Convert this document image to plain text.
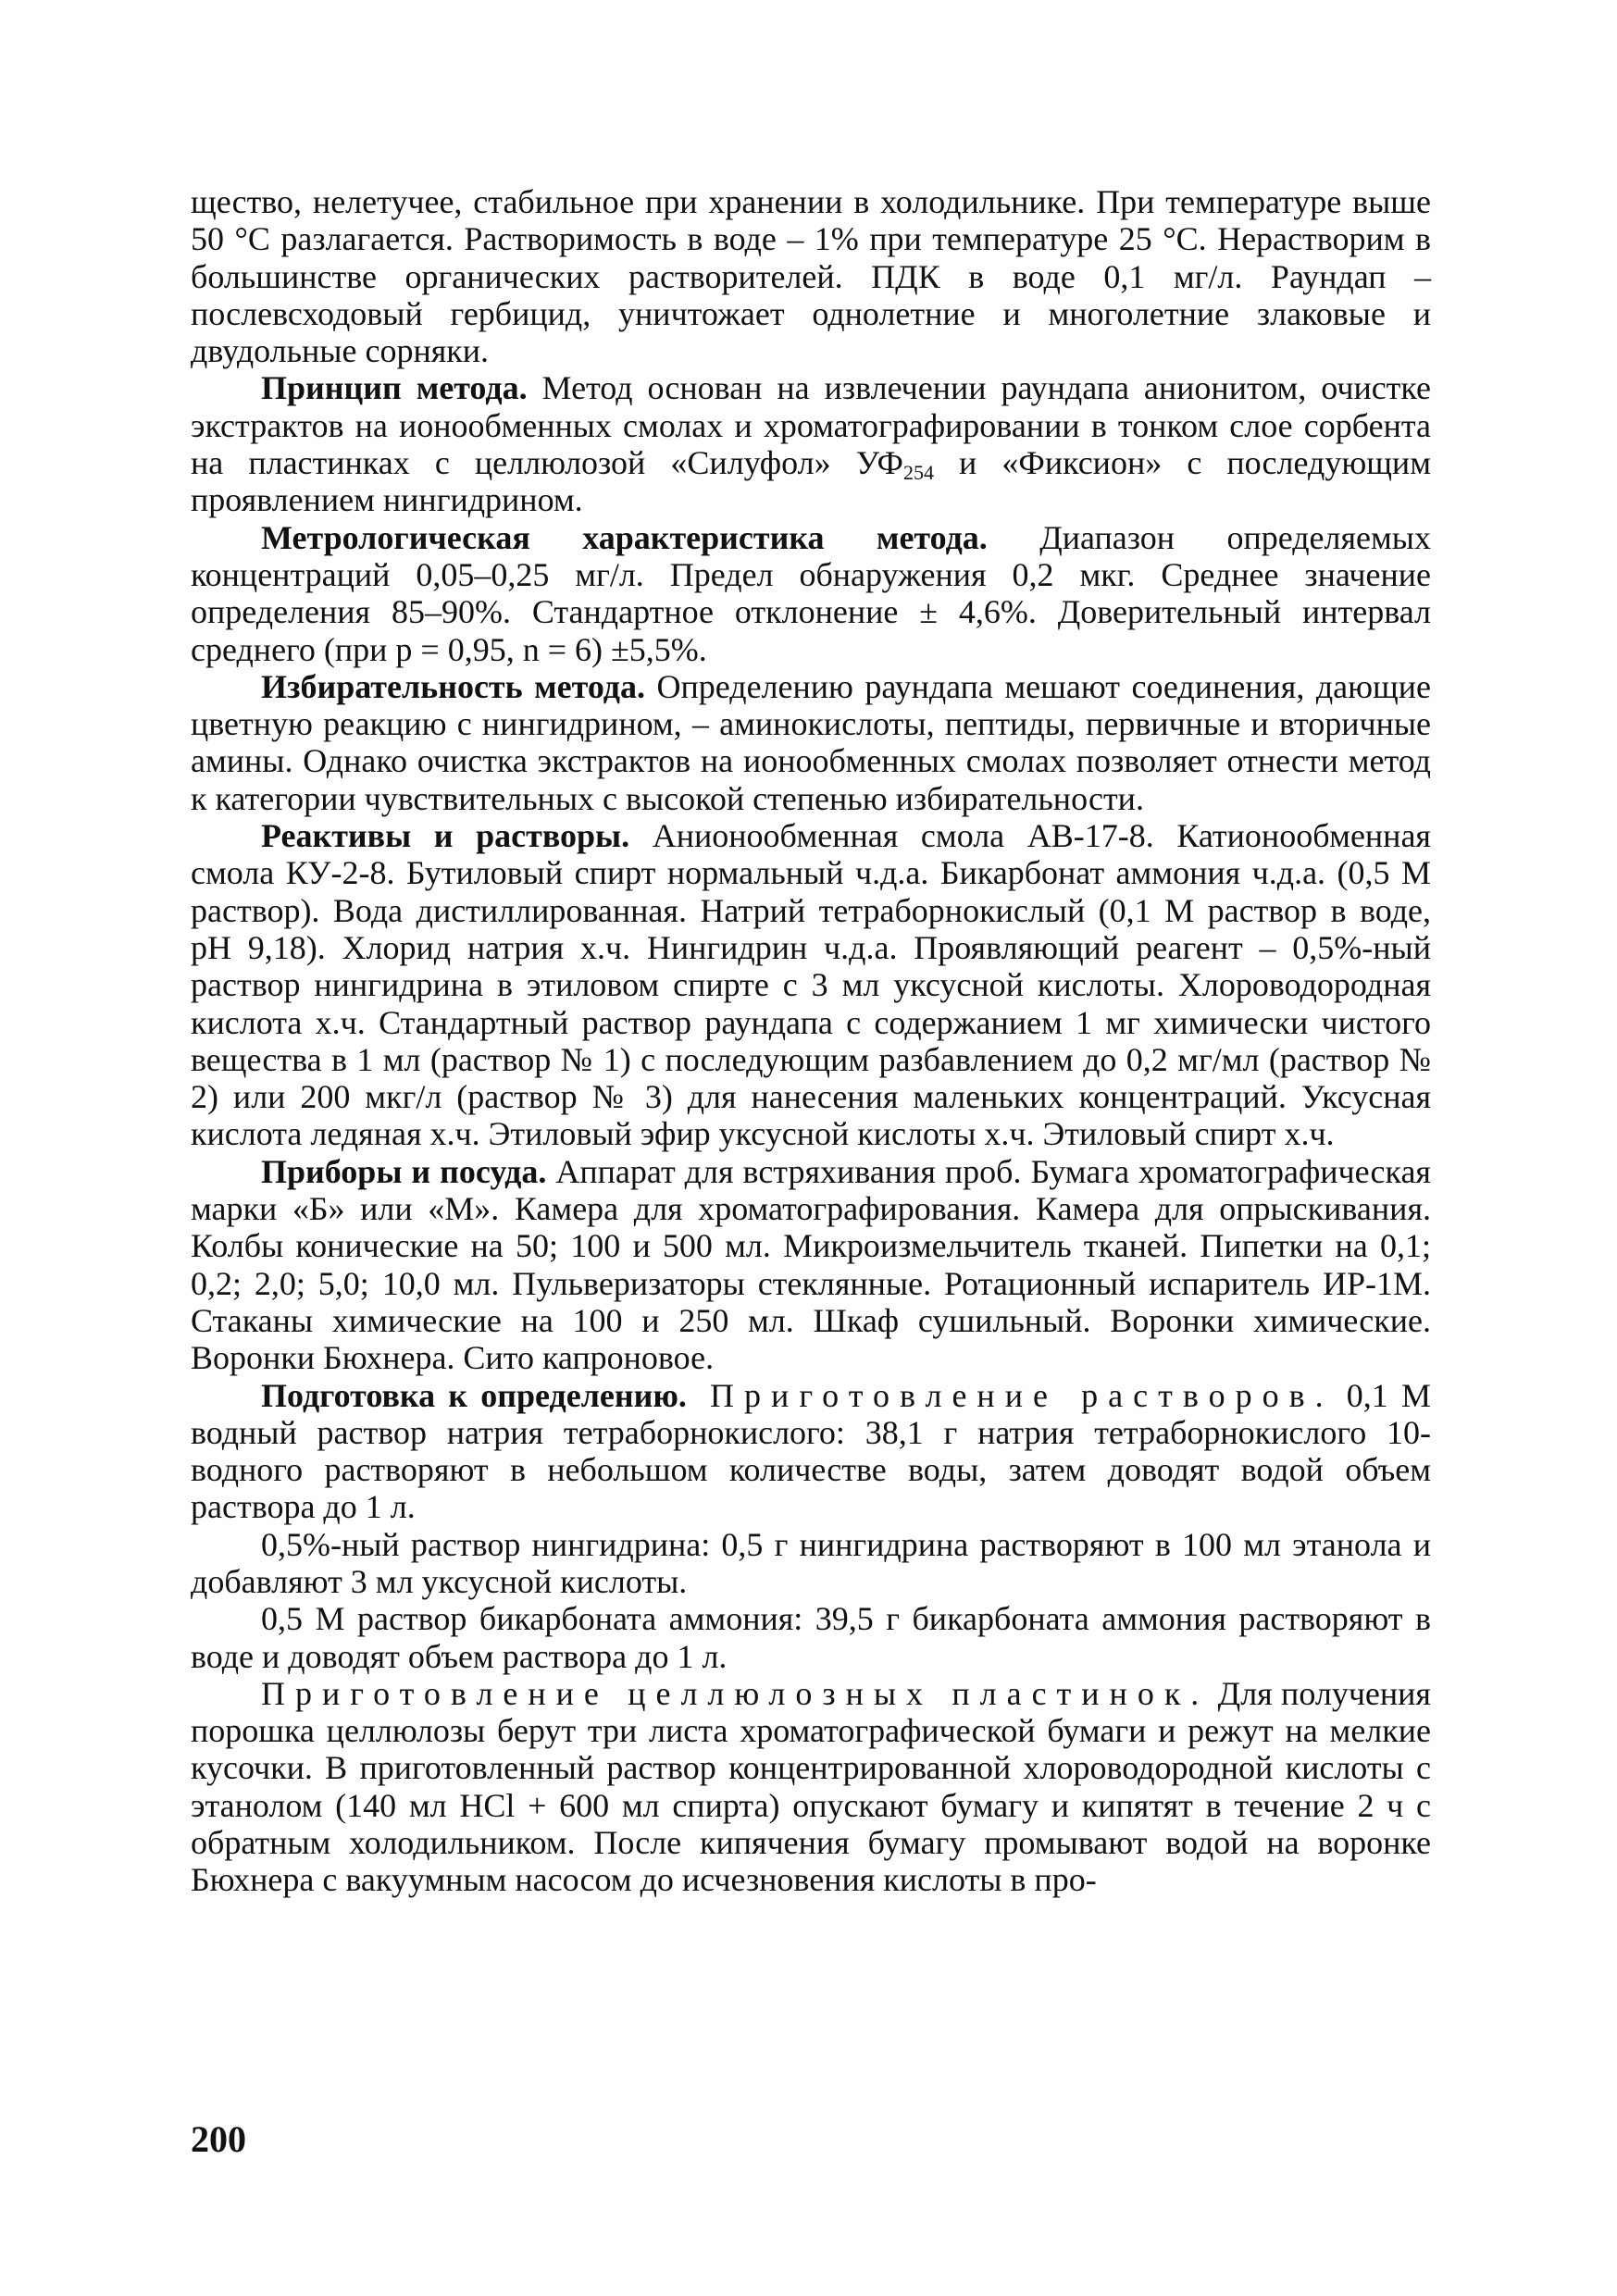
щество, нелетучее, стабильное при хранении в холодильнике. При температуре выше 50 °С разлагается. Растворимость в воде – 1% при температуре 25 °С. Нерастворим в большинстве органических растворителей. ПДК в воде 0,1 мг/л. Раундап – послевсходовый гербицид, уничтожает однолетние и многолетние злаковые и двудольные сорняки.

Принцип метода. Метод основан на извлечении раундапа анионитом, очистке экстрактов на ионообменных смолах и хроматографировании в тонком слое сорбента на пластинках с целлюлозой «Силуфол» $УФ_{254}$ и «Фиксион» с последующим проявлением нингидрином.

Метрологическая характеристика метода. Диапазон определяемых концентраций 0,05–0,25 мг/л. Предел обнаружения 0,2 мкг. Среднее значение определения 85–90%. Стандартное отклонение ± 4,6%. Доверительный интервал среднего (при p = 0,95, n = 6) ±5,5%.

Избирательность метода. Определению раундапа мешают соединения, дающие цветную реакцию с нингидрином, – аминокислоты, пептиды, первичные и вторичные амины. Однако очистка экстрактов на ионообменных смолах позволяет отнести метод к категории чувствительных с высокой степенью избирательности.

Реактивы и растворы. Анионообменная смола АВ-17-8. Катионообменная смола КУ-2-8. Бутиловый спирт нормальный ч.д.а. Бикарбонат аммония ч.д.а. (0,5 М раствор). Вода дистиллированная. Натрий тетраборнокислый (0,1 М раствор в воде, pH 9,18). Хлорид натрия х.ч. Нингидрин ч.д.а. Проявляющий реагент – 0,5%-ный раствор нингидрина в этиловом спирте с 3 мл уксусной кислоты. Хлороводородная кислота х.ч. Стандартный раствор раундапа с содержанием 1 мг химически чистого вещества в 1 мл (раствор № 1) с последующим разбавлением до 0,2 мг/мл (раствор № 2) или 200 мкг/л (раствор № 3) для нанесения маленьких концентраций. Уксусная кислота ледяная х.ч. Этиловый эфир уксусной кислоты х.ч. Этиловый спирт х.ч.

Приборы и посуда. Аппарат для встряхивания проб. Бумага хроматографическая марки «Б» или «М». Камера для хроматографирования. Камера для опрыскивания. Колбы конические на 50; 100 и 500 мл. Микроизмельчитель тканей. Пипетки на 0,1; 0,2; 2,0; 5,0; 10,0 мл. Пульверизаторы стеклянные. Ротационный испаритель ИР-1М. Стаканы химические на 100 и 250 мл. Шкаф сушильный. Воронки химические. Воронки Бюхнера. Сито капроновое.

Подготовка к определению. Приготовление растворов. 0,1 М водный раствор натрия тетраборнокислого: 38,1 г натрия тетраборнокислого 10-водного растворяют в небольшом количестве воды, затем доводят водой объем раствора до 1 л.

0,5%-ный раствор нингидрина: 0,5 г нингидрина растворяют в 100 мл этанола и добавляют 3 мл уксусной кислоты.

0,5 М раствор бикарбоната аммония: 39,5 г бикарбоната аммония растворяют в воде и доводят объем раствора до 1 л.

Приготовление целлюлозных пластинок. Для получения порошка целлюлозы берут три листа хроматографической бумаги и режут на мелкие кусочки. В приготовленный раствор концентрированной хлороводородной кислоты с этанолом (140 мл HCl + 600 мл спирта) опускают бумагу и кипятят в течение 2 ч с обратным холодильником. После кипячения бумагу промывают водой на воронке Бюхнера с вакуумным насосом до исчезновения кислоты в про-

200
